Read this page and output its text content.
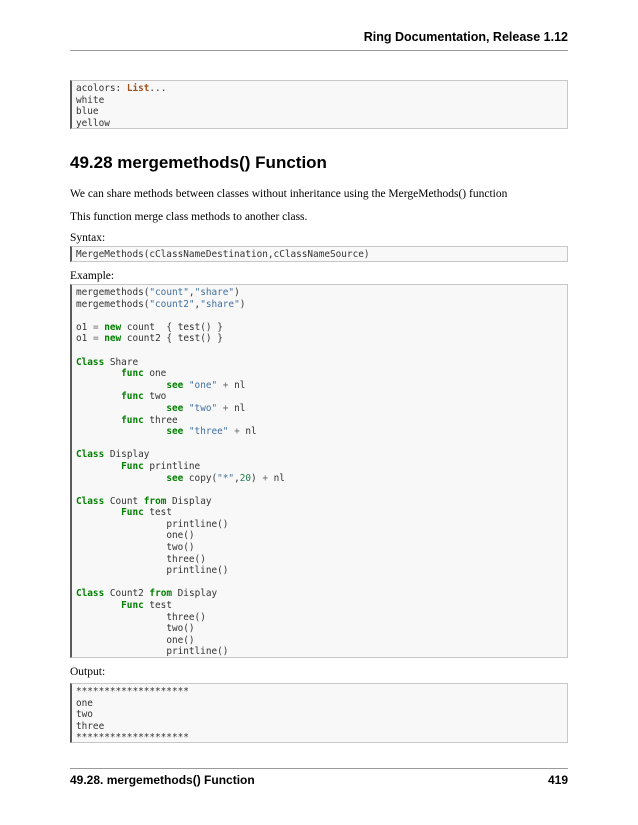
Ring Documentation, Release 1.12
acolors: List...
white
blue
yellow
49.28 mergemethods() Function
We can share methods between classes without inheritance using the MergeMethods() function
This function merge class methods to another class.
Syntax:
MergeMethods(cClassNameDestination,cClassNameSource)
Example:
mergemethods("count","share")
mergemethods("count2","share")
o1 = new count { test() }
o1 = new count2 { test() }
Class Share
func one
see "one" + nl
func two
see "two" + nl
func three
see "three" + nl
Class Display
Func printline
see copy("*",20) + nl
Class Count from Display
Func test
printline()
one()
two()
three()
printline()
Class Count2 from Display
Func test
three()
two()
one()
printline()
Output:
********************
one
two
three
********************
49.28. mergemethods() Function	419
